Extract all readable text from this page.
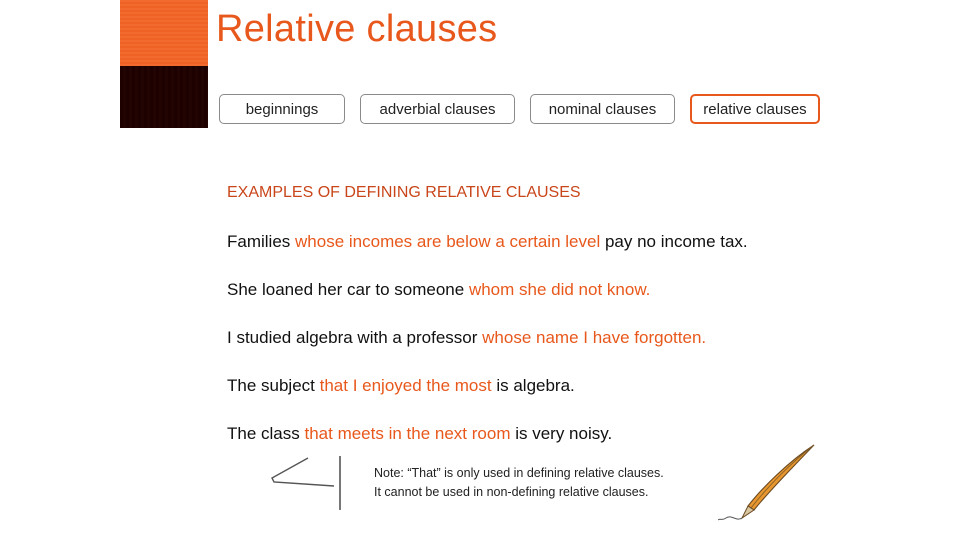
Relative clauses
beginnings	adverbial clauses	nominal clauses	relative clauses
EXAMPLES OF DEFINING RELATIVE CLAUSES
Families whose incomes are below a certain level pay no income tax.
She loaned her car to someone whom she did not know.
I studied algebra with a professor whose name I have forgotten.
The subject that I enjoyed the most is algebra.
The class that meets in the next room is very noisy.
Note: “That” is only used in defining relative clauses.
It cannot be used in non-defining relative clauses.
